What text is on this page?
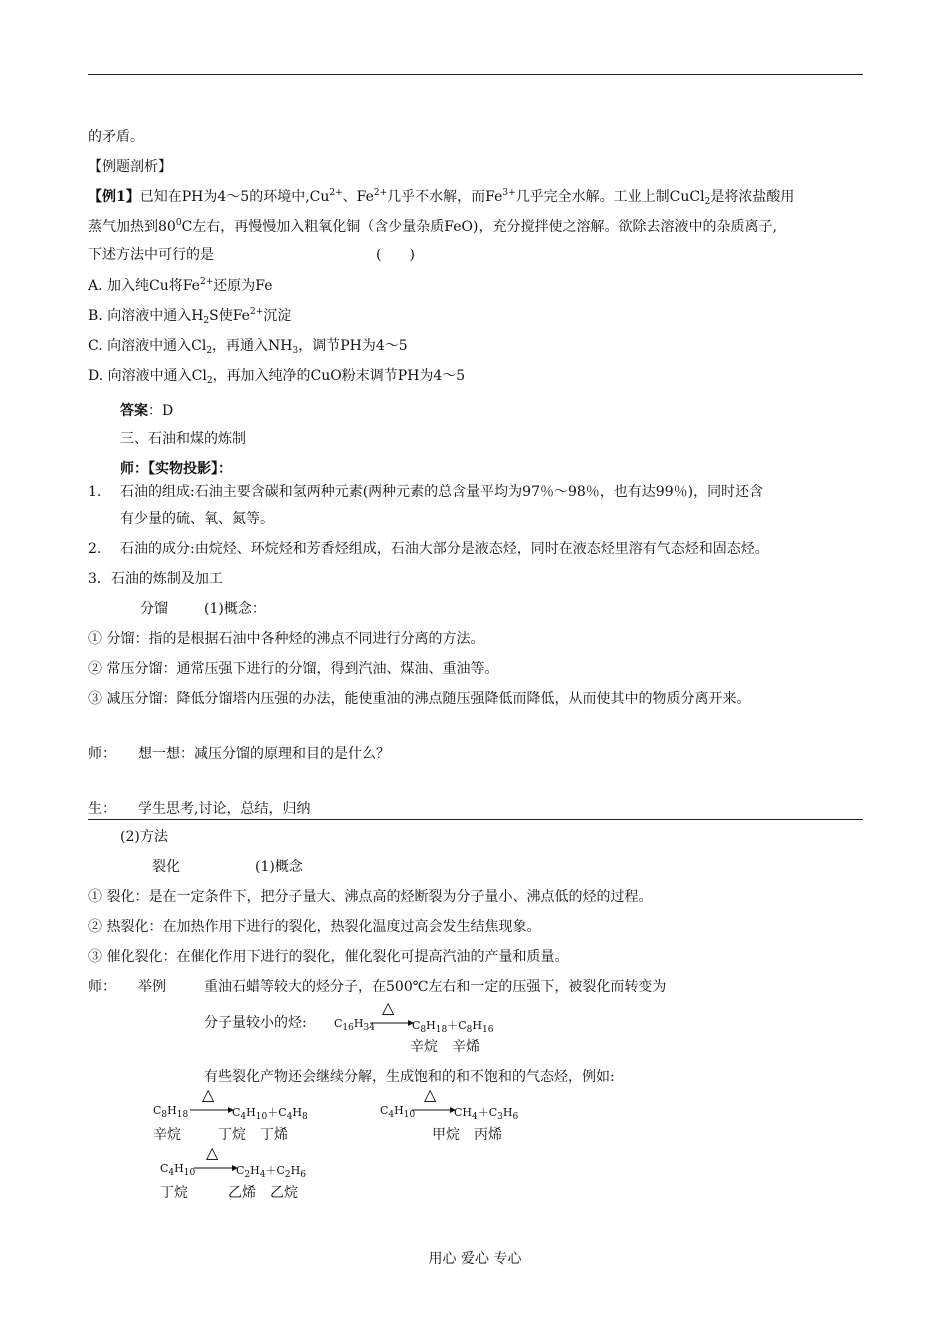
的矛盾。
【例题剖析】
【例1】已知在PH为4～5的环境中$,Cu^{2+}$、$Fe^{2+}$几乎不水解，而$Fe^{3+}$几乎完全水解。工业上制CuCl$_2$是将浓盐酸用
蒸气加热到$80^0C$左右，再慢慢加入粗氧化铜（含少量杂质FeO)，充分搅拌使之溶解。欲除去溶液中的杂质离子,
下述方法中可行的是	(　　)
A. 加入纯Cu将$Fe^{2+}$还原为Fe
B. 向溶液中通入$H_2S$使$Fe^{2+}$沉淀
C. 向溶液中通入$Cl_2$，再通入$NH_3$，调节PH为4～5
D. 向溶液中通入$Cl_2$，再加入纯净的CuO粉末调节PH为4～5
答案：D
三、石油和煤的炼制
师：【实物投影】：
1. 石油的组成:石油主要含碳和氢两种元素(两种元素的总含量平均为97％～98％，也有达99％)，同时还含
有少量的硫、氧、氮等。
2. 石油的成分:由烷烃、环烷烃和芳香烃组成，石油大部分是液态烃，同时在液态烃里溶有气态烃和固态烃。
3．石油的炼制及加工
分馏	(1)概念：
① 分馏：指的是根据石油中各种烃的沸点不同进行分离的方法。
② 常压分馏：通常压强下进行的分馏，得到汽油、煤油、重油等。
③ 减压分馏：降低分馏塔内压强的办法，能使重油的沸点随压强降低而降低，从而使其中的物质分离开来。
师： 想一想：减压分馏的原理和目的是什么？
生： 学生思考,讨论，总结，归纳
(2)方法
裂化	(1)概念
① 裂化：是在一定条件下，把分子量大、沸点高的烃断裂为分子量小、沸点低的烃的过程。
② 热裂化：在加热作用下进行的裂化，热裂化温度过高会发生结焦现象。
③ 催化裂化：在催化作用下进行的裂化，催化裂化可提高汽油的产量和质量。
师： 举例	重油石蜡等较大的烃分子，在500℃左右和一定的压强下，被裂化而转变为
分子量较小的烃: $C_{16}H_{34}$
△
$C_8H_{18}+C_8H_{16}$
辛烷　辛烯
有些裂化产物还会继续分解，生成饱和的和不饱和的气态烃，例如:
$C_8H_{18}$
△
$C_4H_{10}+C_4H_8$
辛烷	丁烷　丁烯
$C_4H_{10}$
△
$CH_4+C_3H_6$
甲烷　丙烯
$C_4H_{10}$
△
$C_2H_4+C_2H_6$
丁烷	乙烯　乙烷
用心 爱心 专心
